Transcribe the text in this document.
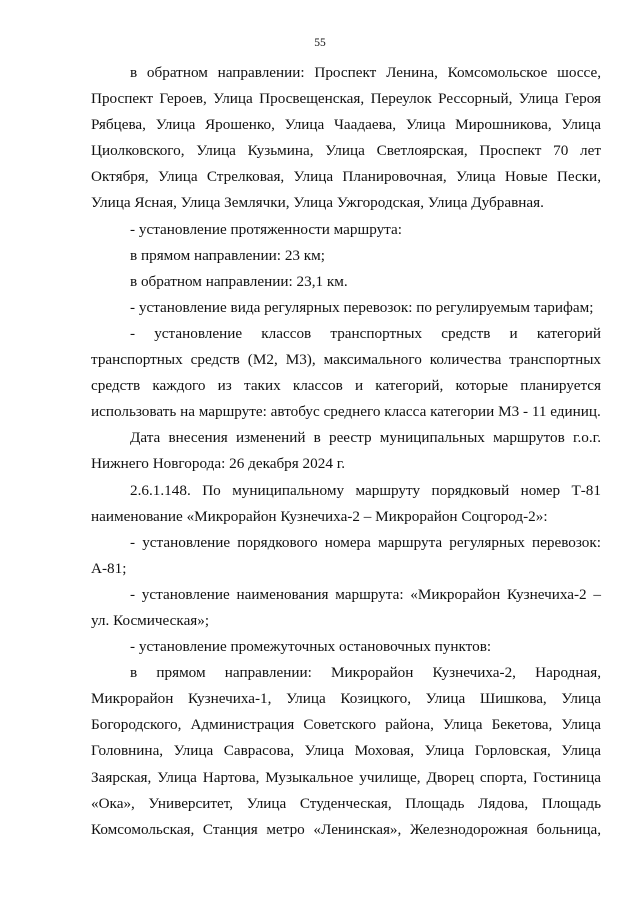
55

в обратном направлении: Проспект Ленина, Комсомольское шоссе, Проспект Героев, Улица Просвещенская, Переулок Рессорный, Улица Героя Рябцева, Улица Ярошенко, Улица Чаадаева, Улица Мирошникова, Улица Циолковского, Улица Кузьмина, Улица Светлоярская, Проспект 70 лет Октября, Улица Стрелковая, Улица Планировочная, Улица Новые Пески, Улица Ясная, Улица Землячки, Улица Ужгородская, Улица Дубравная.

- установление протяженности маршрута:

в прямом направлении: 23 км;

в обратном направлении: 23,1 км.

- установление вида регулярных перевозок: по регулируемым тарифам;

- установление классов транспортных средств и категорий транспортных средств (М2, М3), максимального количества транспортных средств каждого из таких классов и категорий, которые планируется использовать на маршруте: автобус среднего класса категории М3 - 11 единиц.

Дата внесения изменений в реестр муниципальных маршрутов г.о.г. Нижнего Новгорода: 26 декабря 2024 г.

2.6.1.148. По муниципальному маршруту порядковый номер Т-81 наименование «Микрорайон Кузнечиха-2 – Микрорайон Соцгород-2»:

- установление порядкового номера маршрута регулярных перевозок: А-81;

- установление наименования маршрута: «Микрорайон Кузнечиха-2 – ул. Космическая»;

- установление промежуточных остановочных пунктов:

в прямом направлении: Микрорайон Кузнечиха-2, Народная, Микрорайон Кузнечиха-1, Улица Козицкого, Улица Шишкова, Улица Богородского, Администрация Советского района, Улица Бекетова, Улица Головнина, Улица Саврасова, Улица Моховая, Улица Горловская, Улица Заярская, Улица Нартова, Музыкальное училище, Дворец спорта, Гостиница «Ока», Университет, Улица Студенческая, Площадь Лядова, Площадь Комсомольская, Станция метро «Ленинская», Железнодорожная больница,
